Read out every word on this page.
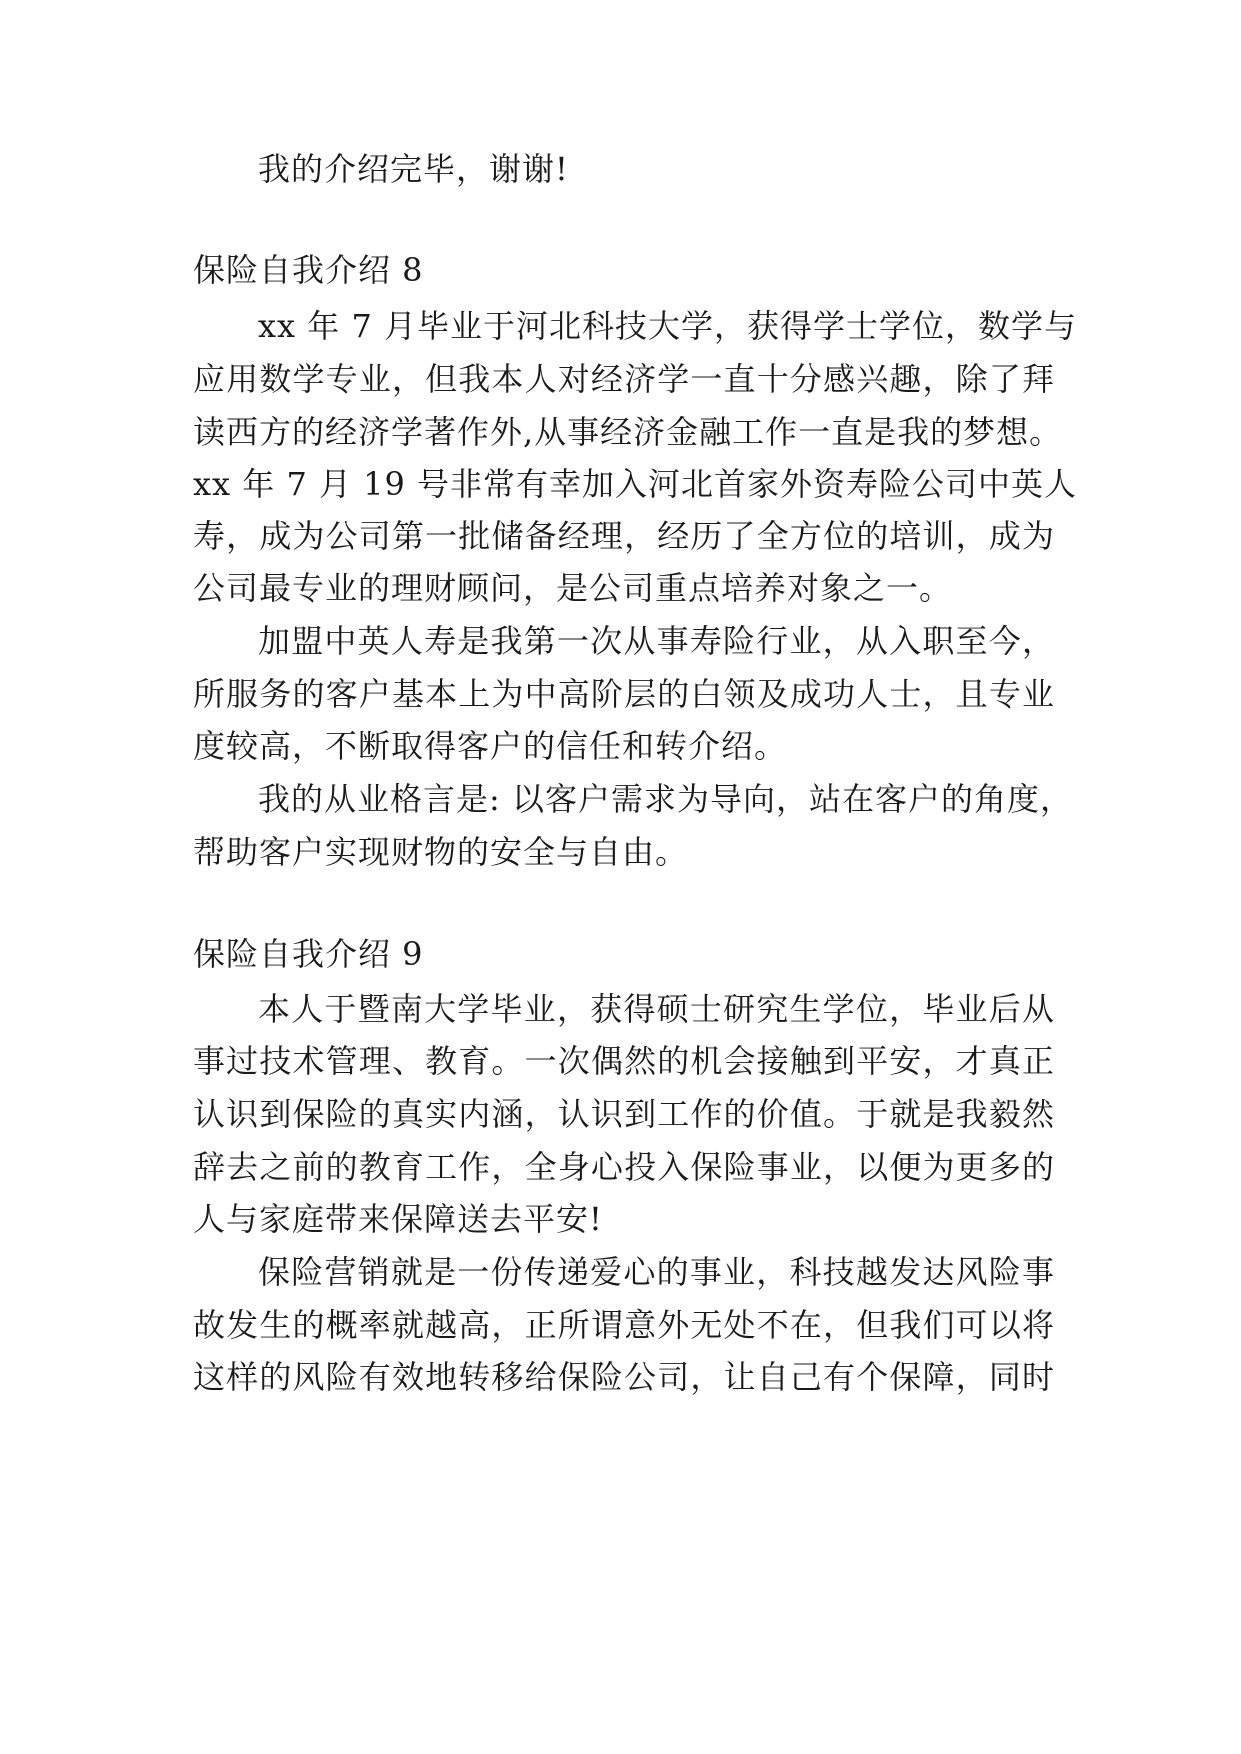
我的介绍完毕，谢谢!
保险自我介绍 8
xx 年 7 月毕业于河北科技大学，获得学士学位，数学与
应用数学专业，但我本人对经济学一直十分感兴趣，除了拜
读西方的经济学著作外,从事经济金融工作一直是我的梦想。
xx 年 7 月 19 号非常有幸加入河北首家外资寿险公司中英人
寿，成为公司第一批储备经理，经历了全方位的培训，成为
公司最专业的理财顾问，是公司重点培养对象之一。
加盟中英人寿是我第一次从事寿险行业，从入职至今，
所服务的客户基本上为中高阶层的白领及成功人士，且专业
度较高，不断取得客户的信任和转介绍。
我的从业格言是: 以客户需求为导向，站在客户的角度，
帮助客户实现财物的安全与自由。
保险自我介绍 9
本人于暨南大学毕业，获得硕士研究生学位，毕业后从
事过技术管理、教育。一次偶然的机会接触到平安，才真正
认识到保险的真实内涵，认识到工作的价值。于就是我毅然
辞去之前的教育工作，全身心投入保险事业，以便为更多的
人与家庭带来保障送去平安!
保险营销就是一份传递爱心的事业，科技越发达风险事
故发生的概率就越高，正所谓意外无处不在，但我们可以将
这样的风险有效地转移给保险公司，让自己有个保障，同时
